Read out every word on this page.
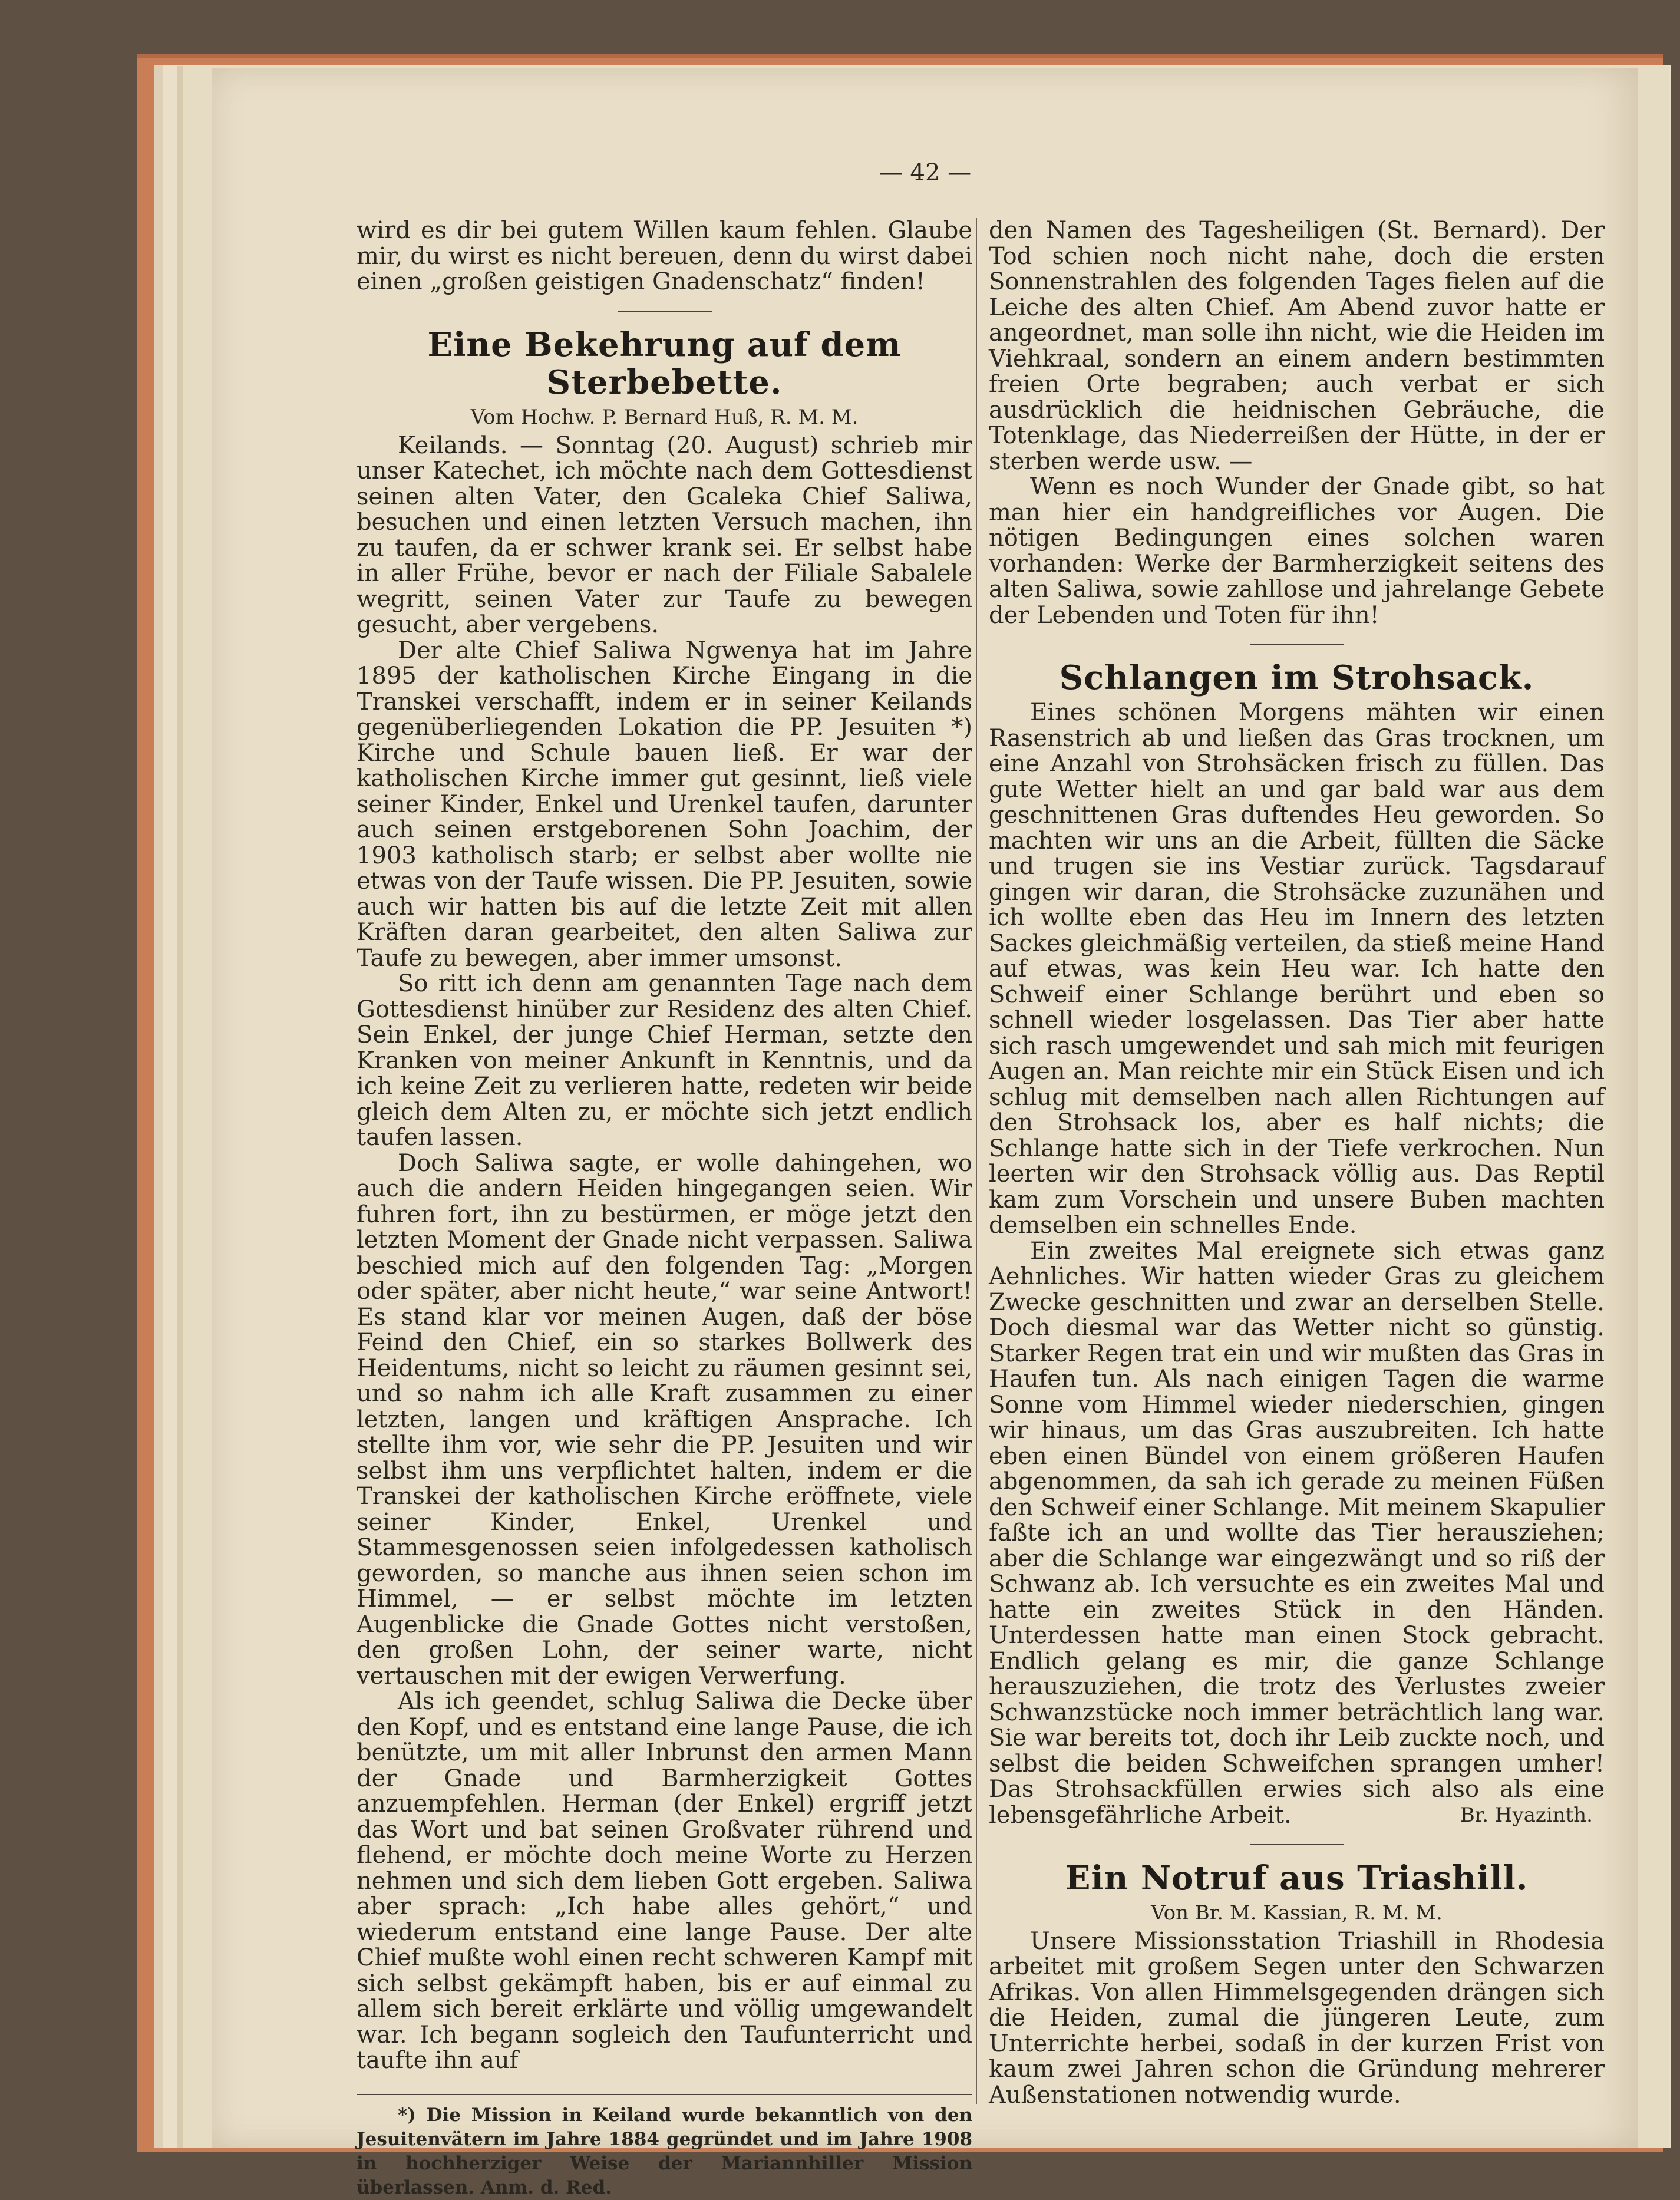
— 42 —

wird es dir bei gutem Willen kaum fehlen. Glaube mir, du wirst es nicht bereuen, denn du wirst dabei einen „großen geistigen Gnadenschatz“ finden!

Eine Bekehrung auf dem Sterbebette.
Vom Hochw. P. Bernard Huß, R. M. M.

Keilands. — Sonntag (20. August) schrieb mir unser Katechet, ich möchte nach dem Gottesdienst seinen alten Vater, den Gcaleka Chief Saliwa, besuchen und einen letzten Versuch machen, ihn zu taufen, da er schwer krank sei. Er selbst habe in aller Frühe, bevor er nach der Filiale Sabalele wegritt, seinen Vater zur Taufe zu bewegen gesucht, aber vergebens.

Der alte Chief Saliwa Ngwenya hat im Jahre 1895 der katholischen Kirche Eingang in die Transkei verschafft, indem er in seiner Keilands gegenüberliegenden Lokation die PP. Jesuiten *) Kirche und Schule bauen ließ. Er war der katholischen Kirche immer gut gesinnt, ließ viele seiner Kinder, Enkel und Urenkel taufen, darunter auch seinen erstgeborenen Sohn Joachim, der 1903 katholisch starb; er selbst aber wollte nie etwas von der Taufe wissen. Die PP. Jesuiten, sowie auch wir hatten bis auf die letzte Zeit mit allen Kräften daran gearbeitet, den alten Saliwa zur Taufe zu bewegen, aber immer umsonst.

So ritt ich denn am genannten Tage nach dem Gottesdienst hinüber zur Residenz des alten Chief. Sein Enkel, der junge Chief Herman, setzte den Kranken von meiner Ankunft in Kenntnis, und da ich keine Zeit zu verlieren hatte, redeten wir beide gleich dem Alten zu, er möchte sich jetzt endlich taufen lassen.

Doch Saliwa sagte, er wolle dahingehen, wo auch die andern Heiden hingegangen seien. Wir fuhren fort, ihn zu bestürmen, er möge jetzt den letzten Moment der Gnade nicht verpassen. Saliwa beschied mich auf den folgenden Tag: „Morgen oder später, aber nicht heute,“ war seine Antwort! Es stand klar vor meinen Augen, daß der böse Feind den Chief, ein so starkes Bollwerk des Heidentums, nicht so leicht zu räumen gesinnt sei, und so nahm ich alle Kraft zusammen zu einer letzten, langen und kräftigen Ansprache. Ich stellte ihm vor, wie sehr die PP. Jesuiten und wir selbst ihm uns verpflichtet halten, indem er die Transkei der katholischen Kirche eröffnete, viele seiner Kinder, Enkel, Urenkel und Stammesgenossen seien infolgedessen katholisch geworden, so manche aus ihnen seien schon im Himmel, — er selbst möchte im letzten Augenblicke die Gnade Gottes nicht verstoßen, den großen Lohn, der seiner warte, nicht vertauschen mit der ewigen Verwerfung.

Als ich geendet, schlug Saliwa die Decke über den Kopf, und es entstand eine lange Pause, die ich benützte, um mit aller Inbrunst den armen Mann der Gnade und Barmherzigkeit Gottes anzuempfehlen. Herman (der Enkel) ergriff jetzt das Wort und bat seinen Großvater rührend und flehend, er möchte doch meine Worte zu Herzen nehmen und sich dem lieben Gott ergeben. Saliwa aber sprach: „Ich habe alles gehört,“ und wiederum entstand eine lange Pause. Der alte Chief mußte wohl einen recht schweren Kampf mit sich selbst gekämpft haben, bis er auf einmal zu allem sich bereit erklärte und völlig umgewandelt war. Ich begann sogleich den Taufunterricht und taufte ihn auf

*) Die Mission in Keiland wurde bekanntlich von den Jesuitenvätern im Jahre 1884 gegründet und im Jahre 1908 in hochherziger Weise der Mariannhiller Mission überlassen. Anm. d. Red.

den Namen des Tagesheiligen (St. Bernard). Der Tod schien noch nicht nahe, doch die ersten Sonnenstrahlen des folgenden Tages fielen auf die Leiche des alten Chief. Am Abend zuvor hatte er angeordnet, man solle ihn nicht, wie die Heiden im Viehkraal, sondern an einem andern bestimmten freien Orte begraben; auch verbat er sich ausdrücklich die heidnischen Gebräuche, die Totenklage, das Niederreißen der Hütte, in der er sterben werde usw. —

Wenn es noch Wunder der Gnade gibt, so hat man hier ein handgreifliches vor Augen. Die nötigen Bedingungen eines solchen waren vorhanden: Werke der Barmherzigkeit seitens des alten Saliwa, sowie zahllose und jahrelange Gebete der Lebenden und Toten für ihn!

Schlangen im Strohsack.

Eines schönen Morgens mähten wir einen Rasenstrich ab und ließen das Gras trocknen, um eine Anzahl von Strohsäcken frisch zu füllen. Das gute Wetter hielt an und gar bald war aus dem geschnittenen Gras duftendes Heu geworden. So machten wir uns an die Arbeit, füllten die Säcke und trugen sie ins Vestiar zurück. Tagsdarauf gingen wir daran, die Strohsäcke zuzunähen und ich wollte eben das Heu im Innern des letzten Sackes gleichmäßig verteilen, da stieß meine Hand auf etwas, was kein Heu war. Ich hatte den Schweif einer Schlange berührt und eben so schnell wieder losgelassen. Das Tier aber hatte sich rasch umgewendet und sah mich mit feurigen Augen an. Man reichte mir ein Stück Eisen und ich schlug mit demselben nach allen Richtungen auf den Strohsack los, aber es half nichts; die Schlange hatte sich in der Tiefe verkrochen. Nun leerten wir den Strohsack völlig aus. Das Reptil kam zum Vorschein und unsere Buben machten demselben ein schnelles Ende.

Ein zweites Mal ereignete sich etwas ganz Aehnliches. Wir hatten wieder Gras zu gleichem Zwecke geschnitten und zwar an derselben Stelle. Doch diesmal war das Wetter nicht so günstig. Starker Regen trat ein und wir mußten das Gras in Haufen tun. Als nach einigen Tagen die warme Sonne vom Himmel wieder niederschien, gingen wir hinaus, um das Gras auszubreiten. Ich hatte eben einen Bündel von einem größeren Haufen abgenommen, da sah ich gerade zu meinen Füßen den Schweif einer Schlange. Mit meinem Skapulier faßte ich an und wollte das Tier herausziehen; aber die Schlange war eingezwängt und so riß der Schwanz ab. Ich versuchte es ein zweites Mal und hatte ein zweites Stück in den Händen. Unterdessen hatte man einen Stock gebracht. Endlich gelang es mir, die ganze Schlange herauszuziehen, die trotz des Verlustes zweier Schwanzstücke noch immer beträchtlich lang war. Sie war bereits tot, doch ihr Leib zuckte noch, und selbst die beiden Schweifchen sprangen umher! Das Strohsackfüllen erwies sich also als eine lebensgefährliche Arbeit.	Br. Hyazinth.
Ein Notruf aus Triashill.
Von Br. M. Kassian, R. M. M.

Unsere Missionsstation Triashill in Rhodesia arbeitet mit großem Segen unter den Schwarzen Afrikas. Von allen Himmelsgegenden drängen sich die Heiden, zumal die jüngeren Leute, zum Unterrichte herbei, sodaß in der kurzen Frist von kaum zwei Jahren schon die Gründung mehrerer Außenstationen notwendig wurde.
